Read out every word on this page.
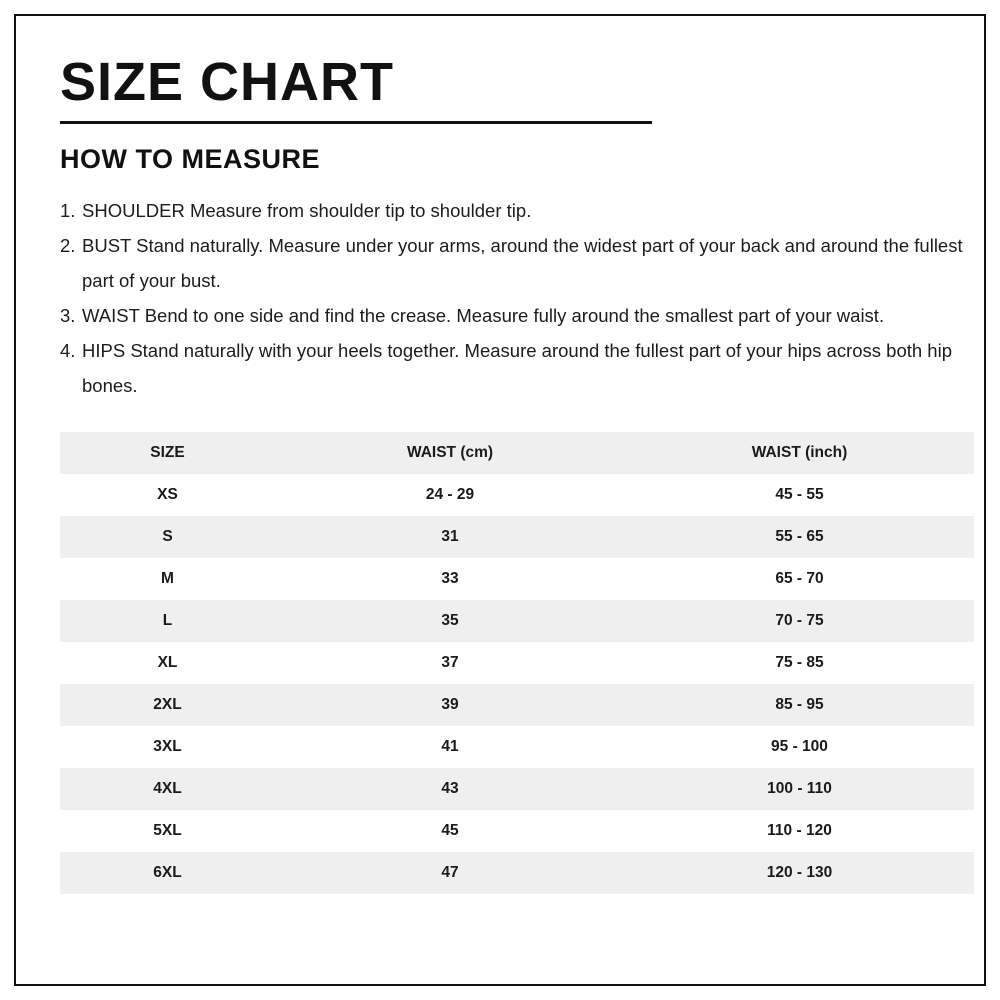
SIZE CHART
HOW TO MEASURE
1. SHOULDER Measure from shoulder tip to shoulder tip.
2. BUST Stand naturally. Measure under your arms, around the widest part of your back and around the fullest part of your bust.
3. WAIST Bend to one side and find the crease. Measure fully around the smallest part of your waist.
4. HIPS Stand naturally with your heels together. Measure around the fullest part of your hips across both hip bones.
SIZE	WAIST (cm)	WAIST (inch)
XS	24 - 29	45 - 55
S	31	55 - 65
M	33	65 - 70
L	35	70 - 75
XL	37	75 - 85
2XL	39	85 - 95
3XL	41	95 - 100
4XL	43	100 - 110
5XL	45	110 - 120
6XL	47	120 - 130
